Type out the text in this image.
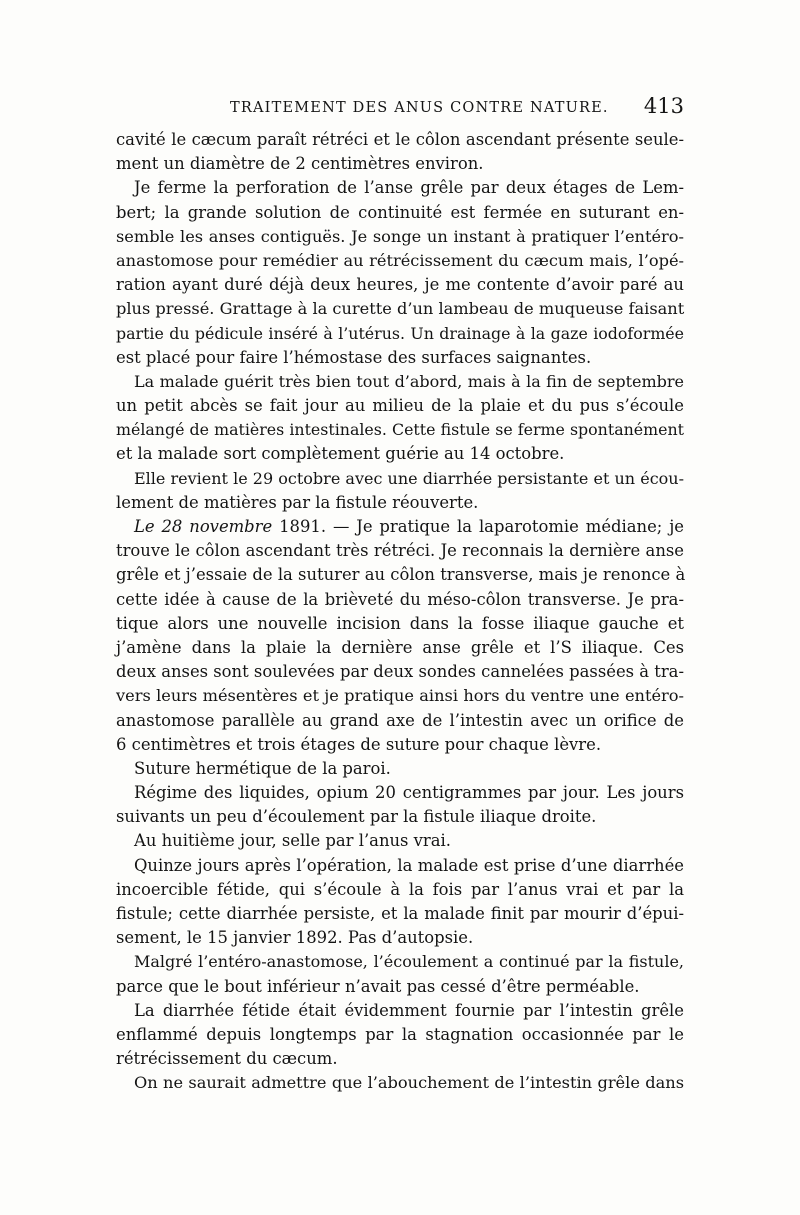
TRAITEMENT DES ANUS CONTRE NATURE. 413
cavité le cæcum paraît rétréci et le côlon ascendant présente seule-
ment un diamètre de 2 centimètres environ.
Je ferme la perforation de l’anse grêle par deux étages de Lem-
bert; la grande solution de continuité est fermée en suturant en-
semble les anses contiguës. Je songe un instant à pratiquer l’entéro-
anastomose pour remédier au rétrécissement du cæcum mais, l’opé-
ration ayant duré déjà deux heures, je me contente d’avoir paré au
plus pressé. Grattage à la curette d’un lambeau de muqueuse faisant
partie du pédicule inséré à l’utérus. Un drainage à la gaze iodoformée
est placé pour faire l’hémostase des surfaces saignantes.
La malade guérit très bien tout d’abord, mais à la fin de septembre
un petit abcès se fait jour au milieu de la plaie et du pus s’écoule
mélangé de matières intestinales. Cette fistule se ferme spontanément
et la malade sort complètement guérie au 14 octobre.
Elle revient le 29 octobre avec une diarrhée persistante et un écou-
lement de matières par la fistule réouverte.
Le 28 novembre 1891. — Je pratique la laparotomie médiane; je
trouve le côlon ascendant très rétréci. Je reconnais la dernière anse
grêle et j’essaie de la suturer au côlon transverse, mais je renonce à
cette idée à cause de la brièveté du méso-côlon transverse. Je pra-
tique alors une nouvelle incision dans la fosse iliaque gauche et
j’amène dans la plaie la dernière anse grêle et l’S iliaque. Ces
deux anses sont soulevées par deux sondes cannelées passées à tra-
vers leurs mésentères et je pratique ainsi hors du ventre une entéro-
anastomose parallèle au grand axe de l’intestin avec un orifice de
6 centimètres et trois étages de suture pour chaque lèvre.
Suture hermétique de la paroi.
Régime des liquides, opium 20 centigrammes par jour. Les jours
suivants un peu d’écoulement par la fistule iliaque droite.
Au huitième jour, selle par l’anus vrai.
Quinze jours après l’opération, la malade est prise d’une diarrhée
incoercible fétide, qui s’écoule à la fois par l’anus vrai et par la
fistule; cette diarrhée persiste, et la malade finit par mourir d’épui-
sement, le 15 janvier 1892. Pas d’autopsie.
Malgré l’entéro-anastomose, l’écoulement a continué par la fistule,
parce que le bout inférieur n’avait pas cessé d’être perméable.
La diarrhée fétide était évidemment fournie par l’intestin grêle
enflammé depuis longtemps par la stagnation occasionnée par le
rétrécissement du cæcum.
On ne saurait admettre que l’abouchement de l’intestin grêle dans
